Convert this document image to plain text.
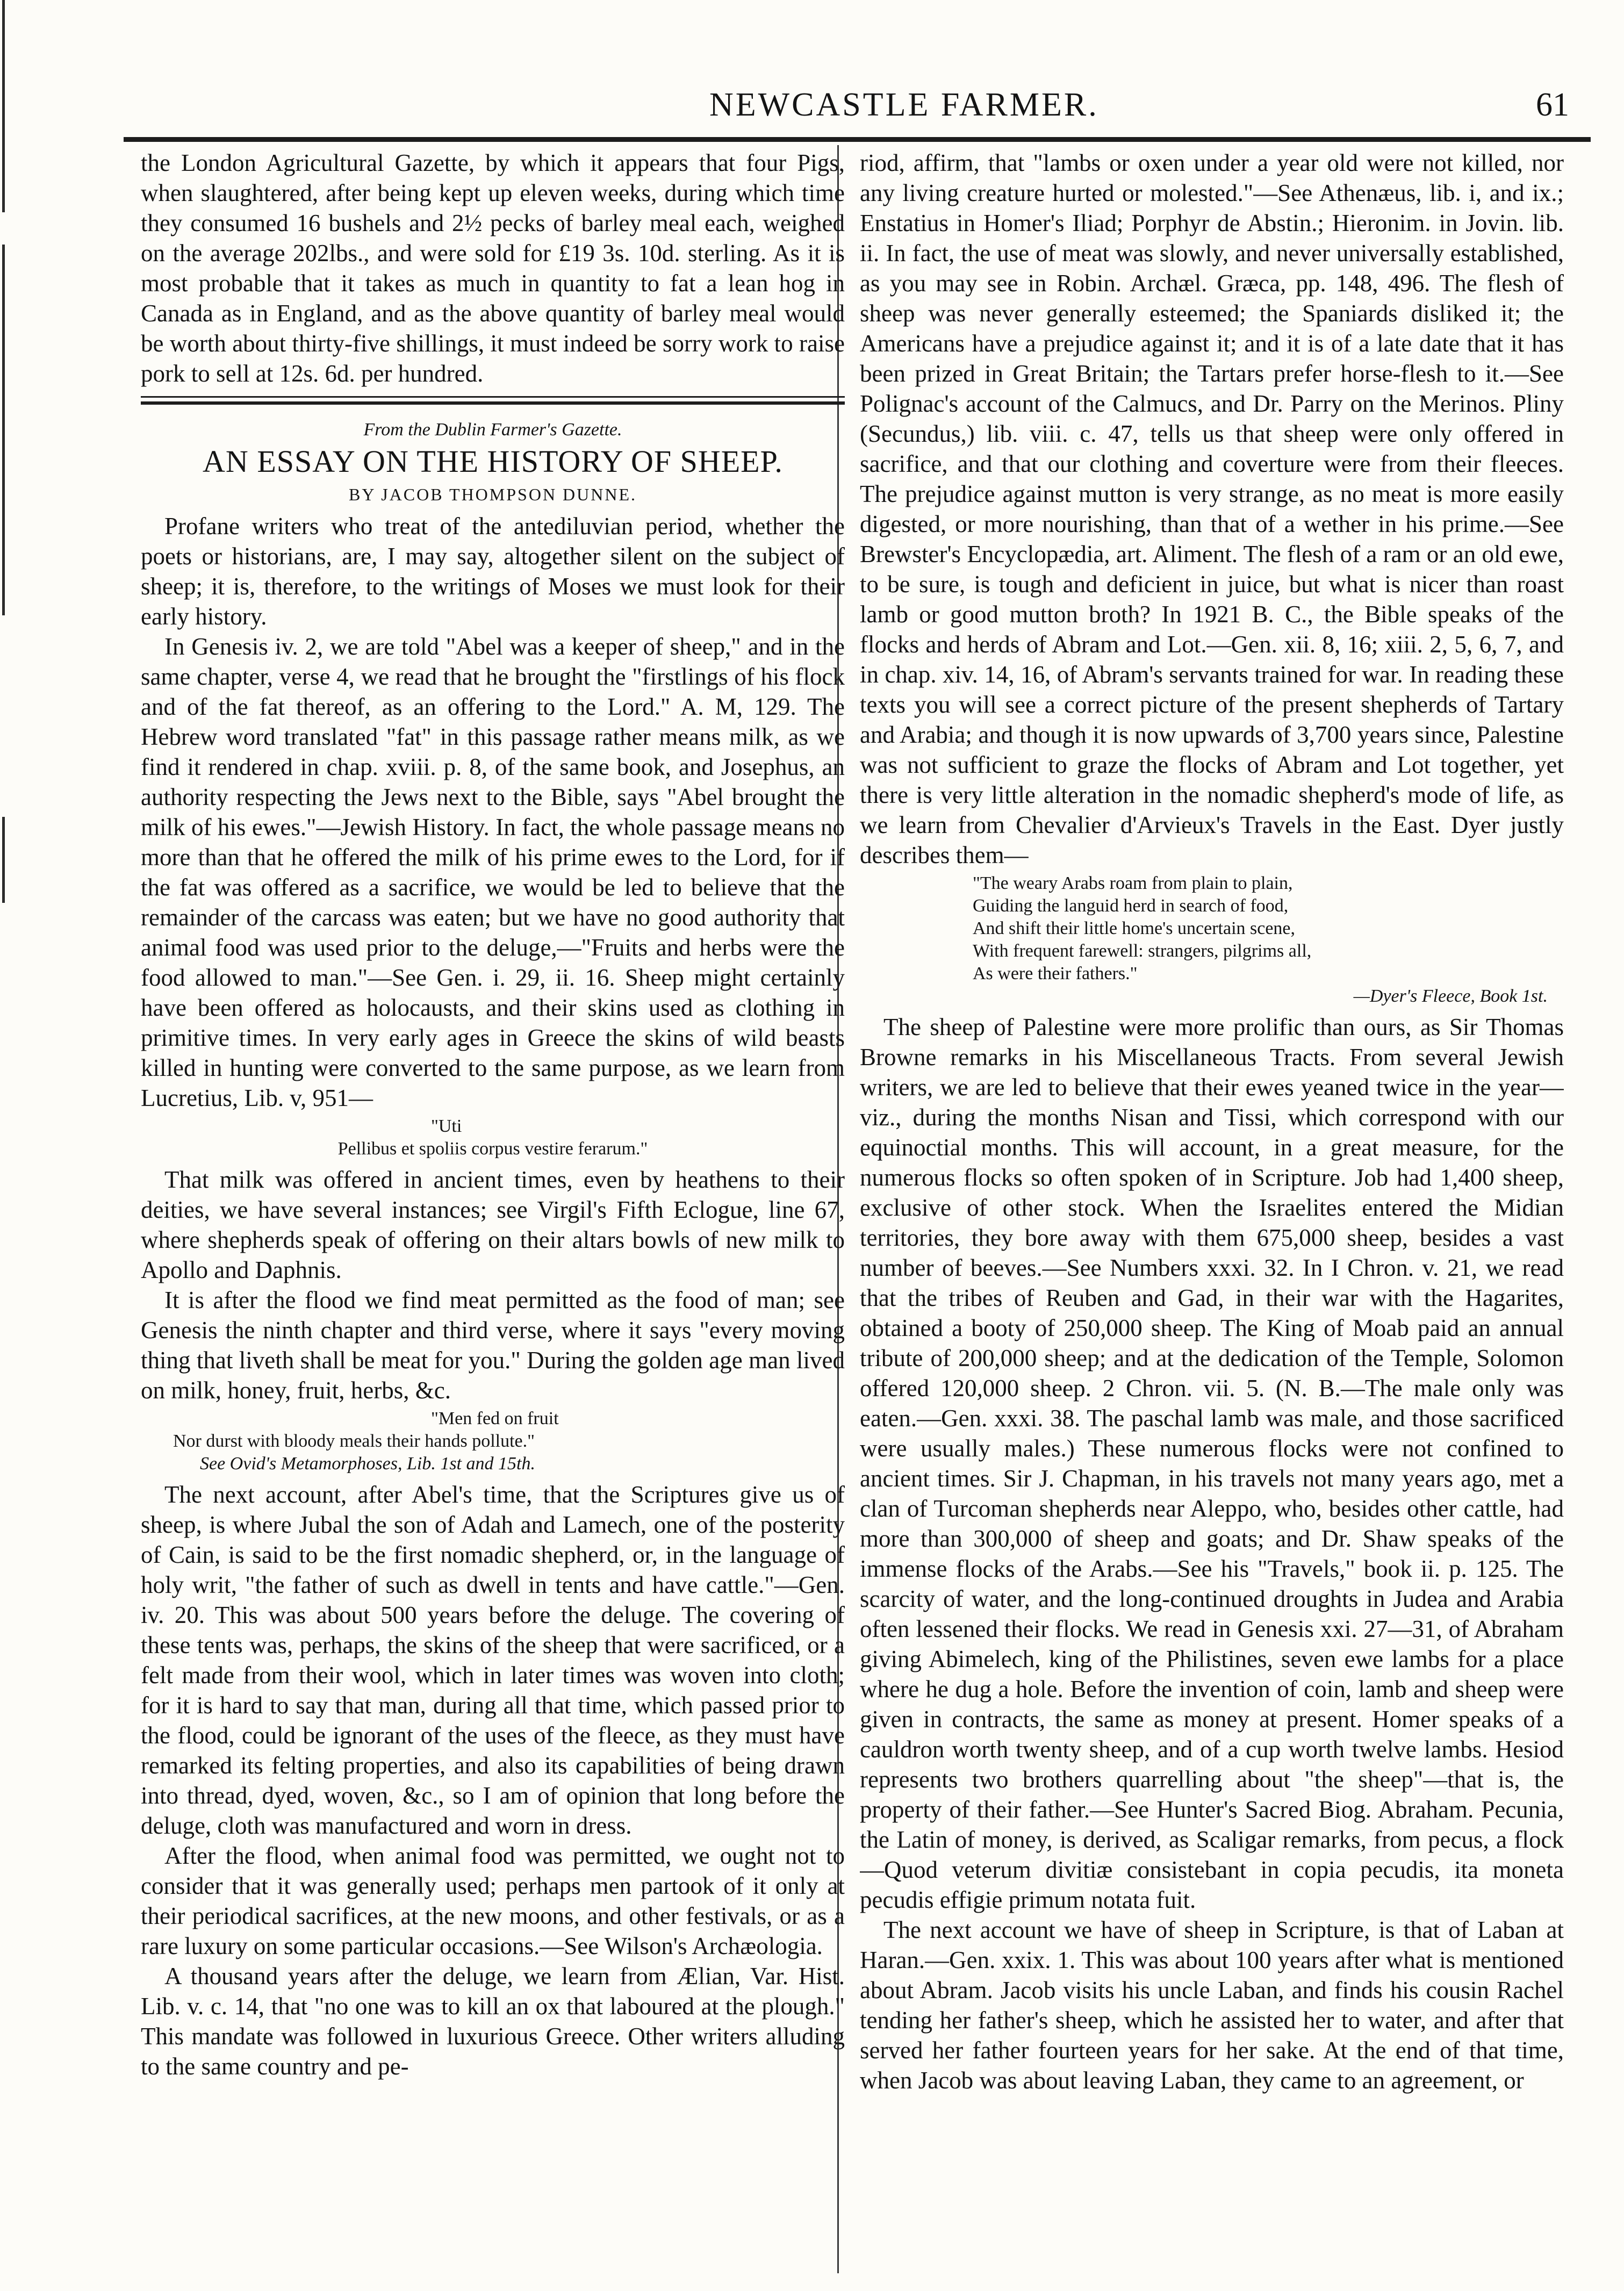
NEWCASTLE FARMER.	61

the London Agricultural Gazette, by which it appears that four Pigs, when slaughtered, after being kept up eleven weeks, during which time they consumed 16 bushels and 2½ pecks of barley meal each, weighed on the average 202lbs., and were sold for £19 3s. 10d. sterling. As it is most probable that it takes as much in quantity to fat a lean hog in Canada as in England, and as the above quantity of barley meal would be worth about thirty-five shillings, it must indeed be sorry work to raise pork to sell at 12s. 6d. per hundred.

From the Dublin Farmer's Gazette.
AN ESSAY ON THE HISTORY OF SHEEP.
BY JACOB THOMPSON DUNNE.

Profane writers who treat of the antediluvian period, whether the poets or historians, are, I may say, altogether silent on the subject of sheep; it is, therefore, to the writings of Moses we must look for their early history.

In Genesis iv. 2, we are told "Abel was a keeper of sheep," and in the same chapter, verse 4, we read that he brought the "firstlings of his flock and of the fat thereof, as an offering to the Lord." A. M, 129. The Hebrew word translated "fat" in this passage rather means milk, as we find it rendered in chap. xviii. p. 8, of the same book, and Josephus, an authority respecting the Jews next to the Bible, says "Abel brought the milk of his ewes."—Jewish History. In fact, the whole passage means no more than that he offered the milk of his prime ewes to the Lord, for if the fat was offered as a sacrifice, we would be led to believe that the remainder of the carcass was eaten; but we have no good authority that animal food was used prior to the deluge,—"Fruits and herbs were the food allowed to man."—See Gen. i. 29, ii. 16. Sheep might certainly have been offered as holocausts, and their skins used as clothing in primitive times. In very early ages in Greece the skins of wild beasts killed in hunting were converted to the same purpose, as we learn from Lucretius, Lib. v, 951—

"Uti
Pellibus et spoliis corpus vestire ferarum."

That milk was offered in ancient times, even by heathens to their deities, we have several instances; see Virgil's Fifth Eclogue, line 67, where shepherds speak of offering on their altars bowls of new milk to Apollo and Daphnis.

It is after the flood we find meat permitted as the food of man; see Genesis the ninth chapter and third verse, where it says "every moving thing that liveth shall be meat for you." During the golden age man lived on milk, honey, fruit, herbs, &c.

"Men fed on fruit
Nor durst with bloody meals their hands pollute."
See Ovid's Metamorphoses, Lib. 1st and 15th.

The next account, after Abel's time, that the Scriptures give us of sheep, is where Jubal the son of Adah and Lamech, one of the posterity of Cain, is said to be the first nomadic shepherd, or, in the language of holy writ, "the father of such as dwell in tents and have cattle."—Gen. iv. 20. This was about 500 years before the deluge. The covering of these tents was, perhaps, the skins of the sheep that were sacrificed, or a felt made from their wool, which in later times was woven into cloth; for it is hard to say that man, during all that time, which passed prior to the flood, could be ignorant of the uses of the fleece, as they must have remarked its felting properties, and also its capabilities of being drawn into thread, dyed, woven, &c., so I am of opinion that long before the deluge, cloth was manufactured and worn in dress.

After the flood, when animal food was permitted, we ought not to consider that it was generally used; perhaps men partook of it only at their periodical sacrifices, at the new moons, and other festivals, or as a rare luxury on some particular occasions.—See Wilson's Archæologia.

A thousand years after the deluge, we learn from Ælian, Var. Hist. Lib. v. c. 14, that "no one was to kill an ox that laboured at the plough." This mandate was followed in luxurious Greece. Other writers alluding to the same country and pe-

riod, affirm, that "lambs or oxen under a year old were not killed, nor any living creature hurted or molested."—See Athenæus, lib. i, and ix.; Enstatius in Homer's Iliad; Porphyr de Abstin.; Hieronim. in Jovin. lib. ii. In fact, the use of meat was slowly, and never universally established, as you may see in Robin. Archæl. Græca, pp. 148, 496. The flesh of sheep was never generally esteemed; the Spaniards disliked it; the Americans have a prejudice against it; and it is of a late date that it has been prized in Great Britain; the Tartars prefer horse-flesh to it.—See Polignac's account of the Calmucs, and Dr. Parry on the Merinos. Pliny (Secundus,) lib. viii. c. 47, tells us that sheep were only offered in sacrifice, and that our clothing and coverture were from their fleeces. The prejudice against mutton is very strange, as no meat is more easily digested, or more nourishing, than that of a wether in his prime.—See Brewster's Encyclopædia, art. Aliment. The flesh of a ram or an old ewe, to be sure, is tough and deficient in juice, but what is nicer than roast lamb or good mutton broth? In 1921 B. C., the Bible speaks of the flocks and herds of Abram and Lot.—Gen. xii. 8, 16; xiii. 2, 5, 6, 7, and in chap. xiv. 14, 16, of Abram's servants trained for war. In reading these texts you will see a correct picture of the present shepherds of Tartary and Arabia; and though it is now upwards of 3,700 years since, Palestine was not sufficient to graze the flocks of Abram and Lot together, yet there is very little alteration in the nomadic shepherd's mode of life, as we learn from Chevalier d'Arvieux's Travels in the East. Dyer justly describes them—

"The weary Arabs roam from plain to plain,
Guiding the languid herd in search of food,
And shift their little home's uncertain scene,
With frequent farewell: strangers, pilgrims all,
As were their fathers."
—Dyer's Fleece, Book 1st.

The sheep of Palestine were more prolific than ours, as Sir Thomas Browne remarks in his Miscellaneous Tracts. From several Jewish writers, we are led to believe that their ewes yeaned twice in the year—viz., during the months Nisan and Tissi, which correspond with our equinoctial months. This will account, in a great measure, for the numerous flocks so often spoken of in Scripture. Job had 1,400 sheep, exclusive of other stock. When the Israelites entered the Midian territories, they bore away with them 675,000 sheep, besides a vast number of beeves.—See Numbers xxxi. 32. In I Chron. v. 21, we read that the tribes of Reuben and Gad, in their war with the Hagarites, obtained a booty of 250,000 sheep. The King of Moab paid an annual tribute of 200,000 sheep; and at the dedication of the Temple, Solomon offered 120,000 sheep. 2 Chron. vii. 5. (N. B.—The male only was eaten.—Gen. xxxi. 38. The paschal lamb was male, and those sacrificed were usually males.) These numerous flocks were not confined to ancient times. Sir J. Chapman, in his travels not many years ago, met a clan of Turcoman shepherds near Aleppo, who, besides other cattle, had more than 300,000 of sheep and goats; and Dr. Shaw speaks of the immense flocks of the Arabs.—See his "Travels," book ii. p. 125. The scarcity of water, and the long-continued droughts in Judea and Arabia often lessened their flocks. We read in Genesis xxi. 27—31, of Abraham giving Abimelech, king of the Philistines, seven ewe lambs for a place where he dug a hole. Before the invention of coin, lamb and sheep were given in contracts, the same as money at present. Homer speaks of a cauldron worth twenty sheep, and of a cup worth twelve lambs. Hesiod represents two brothers quarrelling about "the sheep"—that is, the property of their father.—See Hunter's Sacred Biog. Abraham. Pecunia, the Latin of money, is derived, as Scaligar remarks, from pecus, a flock—Quod veterum divitiæ consistebant in copia pecudis, ita moneta pecudis effigie primum notata fuit.

The next account we have of sheep in Scripture, is that of Laban at Haran.—Gen. xxix. 1. This was about 100 years after what is mentioned about Abram. Jacob visits his uncle Laban, and finds his cousin Rachel tending her father's sheep, which he assisted her to water, and after that served her father fourteen years for her sake. At the end of that time, when Jacob was about leaving Laban, they came to an agreement, or
